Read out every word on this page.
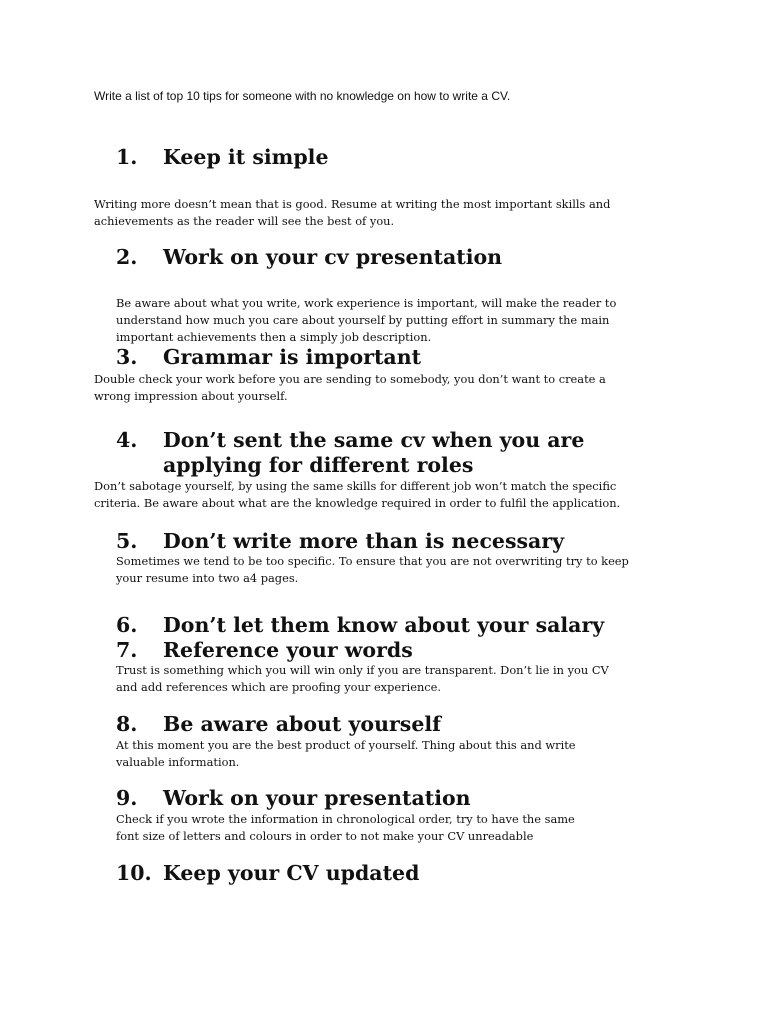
Write a list of top 10 tips for someone with no knowledge on how to write a CV.
1. Keep it simple
Writing more doesn’t mean that is good. Resume at writing the most important skills and
achievements as the reader will see the best of you.
2. Work on your cv presentation
Be aware about what you write, work experience is important, will make the reader to
understand how much you care about yourself by putting effort in summary the main
important achievements then a simply job description.
3. Grammar is important
Double check your work before you are sending to somebody, you don’t want to create a
wrong impression about yourself.
4. Don’t sent the same cv when you are
applying for different roles
Don’t sabotage yourself, by using the same skills for different job won’t match the specific
criteria. Be aware about what are the knowledge required in order to fulfil the application.
5. Don’t write more than is necessary
Sometimes we tend to be too specific. To ensure that you are not overwriting try to keep
your resume into two a4 pages.
6. Don’t let them know about your salary
7. Reference your words
Trust is something which you will win only if you are transparent. Don’t lie in you CV
and add references which are proofing your experience.
8. Be aware about yourself
At this moment you are the best product of yourself. Thing about this and write
valuable information.
9. Work on your presentation
Check if you wrote the information in chronological order, try to have the same
font size of letters and colours in order to not make your CV unreadable
10. Keep your CV updated
